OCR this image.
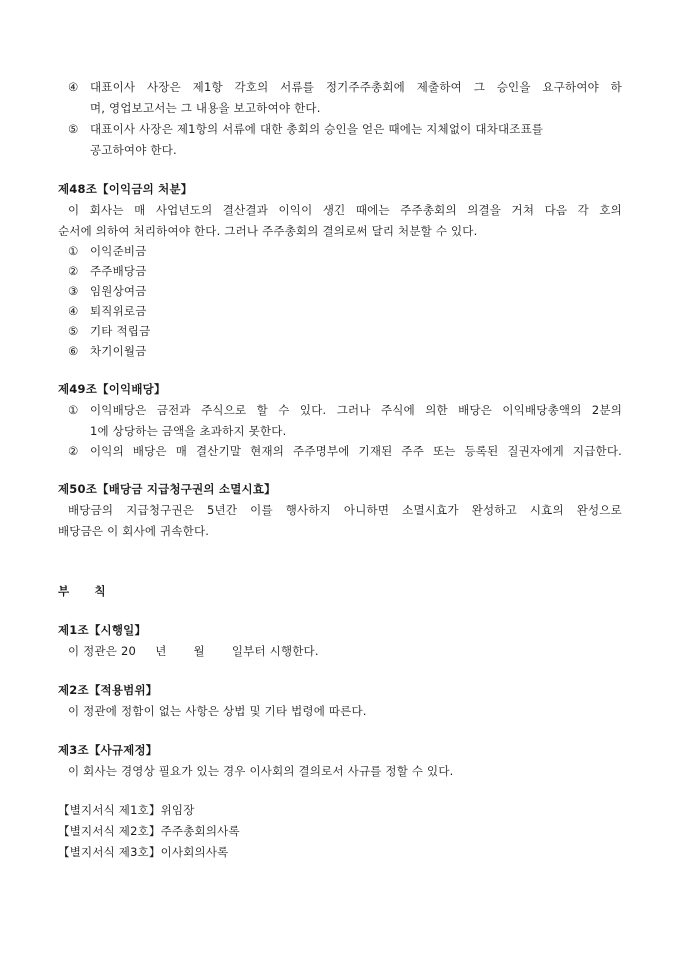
④ 대표이사 사장은 제1항 각호의 서류를 정기주주총회에 제출하여 그 승인을 요구하여야 하
며, 영업보고서는 그 내용을 보고하여야 한다.
⑤ 대표이사 사장은 제1항의 서류에 대한 총회의 승인을 얻은 때에는 지체없이 대차대조표를
공고하여야 한다.
제48조【이익금의 처분】
이 회사는 매 사업년도의 결산결과 이익이 생긴 때에는 주주총회의 의결을 거쳐 다음 각 호의
순서에 의하여 처리하여야 한다. 그러나 주주총회의 결의로써 달리 처분할 수 있다.
① 이익준비금
② 주주배당금
③ 임원상여금
④ 퇴직위로금
⑤ 기타 적립금
⑥ 차기이월금
제49조【이익배당】
① 이익배당은 금전과 주식으로 할 수 있다. 그러나 주식에 의한 배당은 이익배당총액의 2분의
1에 상당하는 금액을 초과하지 못한다.
② 이익의 배당은 매 결산기말 현재의 주주명부에 기재된 주주 또는 등록된 질권자에게 지급한다.
제50조【배당금 지급청구권의 소멸시효】
배당금의 지급청구권은 5년간 이를 행사하지 아니하면 소멸시효가 완성하고 시효의 완성으로
배당금은 이 회사에 귀속한다.
부      칙
제1조【시행일】
이 정관은 20     년       월       일부터 시행한다.
제2조【적용범위】
이 정관에 정함이 없는 사항은 상법 및 기타 법령에 따른다.
제3조【사규제정】
이 회사는 경영상 필요가 있는 경우 이사회의 결의로서 사규를 정할 수 있다.
【별지서식 제1호】위임장
【별지서식 제2호】주주총회의사록
【별지서식 제3호】이사회의사록
